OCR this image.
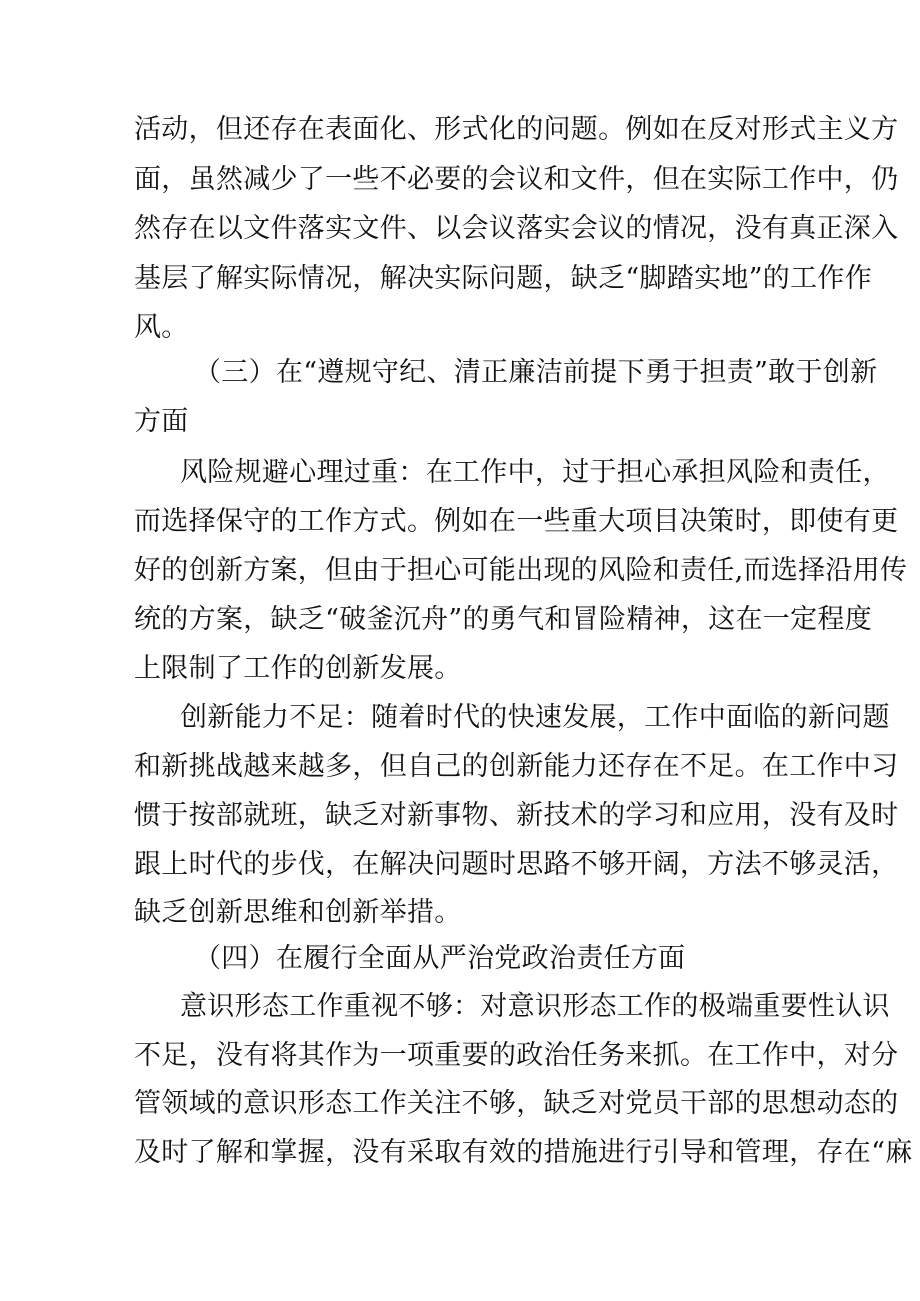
活动，但还存在表面化、形式化的问题。例如在反对形式主义方
面，虽然减少了一些不必要的会议和文件，但在实际工作中，仍
然存在以文件落实文件、以会议落实会议的情况，没有真正深入
基层了解实际情况，解决实际问题，缺乏“脚踏实地”的工作作
风。
（三）在“遵规守纪、清正廉洁前提下勇于担责”敢于创新
方面
风险规避心理过重：在工作中，过于担心承担风险和责任，
而选择保守的工作方式。例如在一些重大项目决策时，即使有更
好的创新方案，但由于担心可能出现的风险和责任,而选择沿用传
统的方案，缺乏“破釜沉舟”的勇气和冒险精神，这在一定程度
上限制了工作的创新发展。
创新能力不足：随着时代的快速发展，工作中面临的新问题
和新挑战越来越多，但自己的创新能力还存在不足。在工作中习
惯于按部就班，缺乏对新事物、新技术的学习和应用，没有及时
跟上时代的步伐，在解决问题时思路不够开阔，方法不够灵活，
缺乏创新思维和创新举措。
（四）在履行全面从严治党政治责任方面
意识形态工作重视不够：对意识形态工作的极端重要性认识
不足，没有将其作为一项重要的政治任务来抓。在工作中，对分
管领域的意识形态工作关注不够，缺乏对党员干部的思想动态的
及时了解和掌握，没有采取有效的措施进行引导和管理，存在“麻
